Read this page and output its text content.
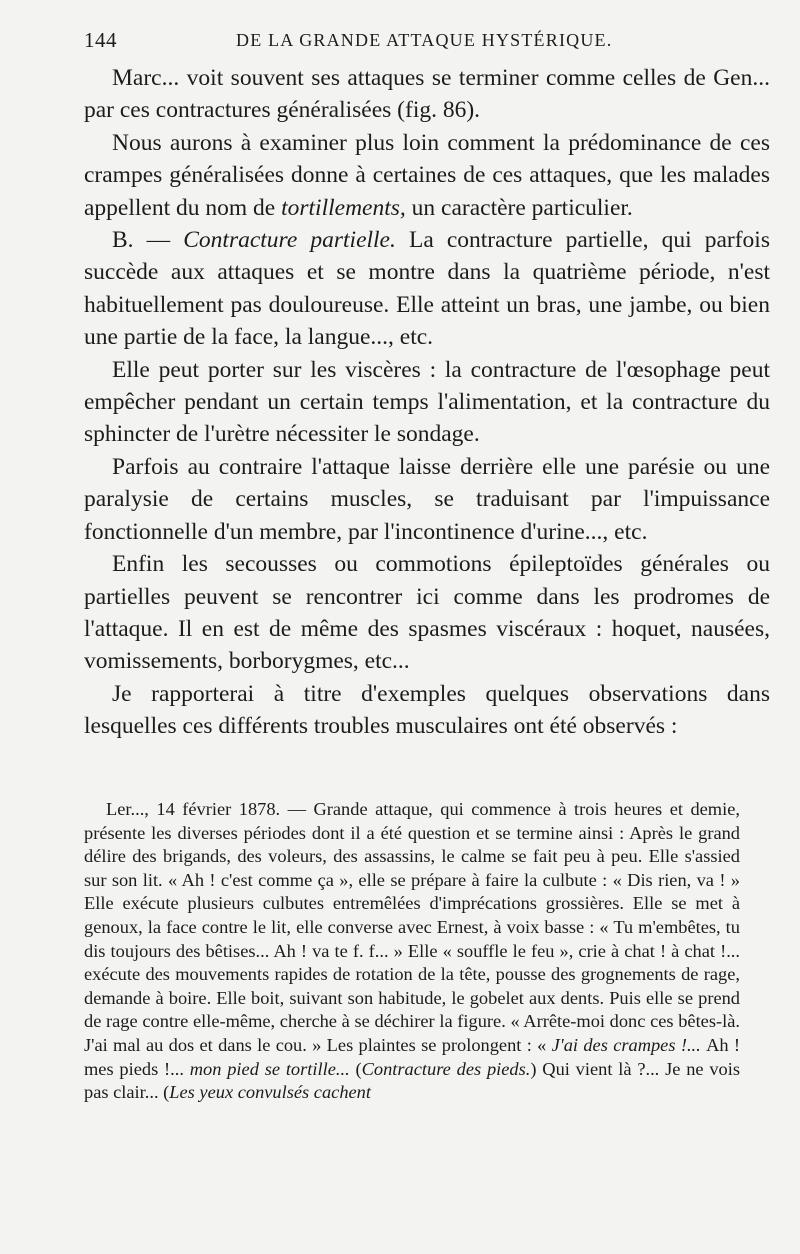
144	DE LA GRANDE ATTAQUE HYSTÉRIQUE.

Marc... voit souvent ses attaques se terminer comme celles de Gen... par ces contractures généralisées (fig. 86).

Nous aurons à examiner plus loin comment la prédominance de ces crampes généralisées donne à certaines de ces attaques, que les malades appellent du nom de tortillements, un caractère particulier.

B. — Contracture partielle. La contracture partielle, qui parfois succède aux attaques et se montre dans la quatrième période, n'est habituellement pas douloureuse. Elle atteint un bras, une jambe, ou bien une partie de la face, la langue..., etc.

Elle peut porter sur les viscères : la contracture de l'œsophage peut empêcher pendant un certain temps l'alimentation, et la contracture du sphincter de l'urètre nécessiter le sondage.

Parfois au contraire l'attaque laisse derrière elle une parésie ou une paralysie de certains muscles, se traduisant par l'impuissance fonctionnelle d'un membre, par l'incontinence d'urine..., etc.

Enfin les secousses ou commotions épileptoïdes générales ou partielles peuvent se rencontrer ici comme dans les prodromes de l'attaque. Il en est de même des spasmes viscéraux : hoquet, nausées, vomissements, borborygmes, etc...

Je rapporterai à titre d'exemples quelques observations dans lesquelles ces différents troubles musculaires ont été observés :

Ler..., 14 février 1878. — Grande attaque, qui commence à trois heures et demie, présente les diverses périodes dont il a été question et se termine ainsi : Après le grand délire des brigands, des voleurs, des assassins, le calme se fait peu à peu. Elle s'assied sur son lit. « Ah ! c'est comme ça », elle se prépare à faire la culbute : « Dis rien, va ! » Elle exécute plusieurs culbutes entremêlées d'imprécations grossières. Elle se met à genoux, la face contre le lit, elle converse avec Ernest, à voix basse : « Tu m'embêtes, tu dis toujours des bêtises... Ah ! va te f. f... » Elle « souffle le feu », crie à chat ! à chat !... exécute des mouvements rapides de rotation de la tête, pousse des grognements de rage, demande à boire. Elle boit, suivant son habitude, le gobelet aux dents. Puis elle se prend de rage contre elle-même, cherche à se déchirer la figure. « Arrête-moi donc ces bêtes-là. J'ai mal au dos et dans le cou. » Les plaintes se prolongent : « J'ai des crampes !... Ah ! mes pieds !... mon pied se tortille... (Contracture des pieds.) Qui vient là ?... Je ne vois pas clair... (Les yeux convulsés cachent
